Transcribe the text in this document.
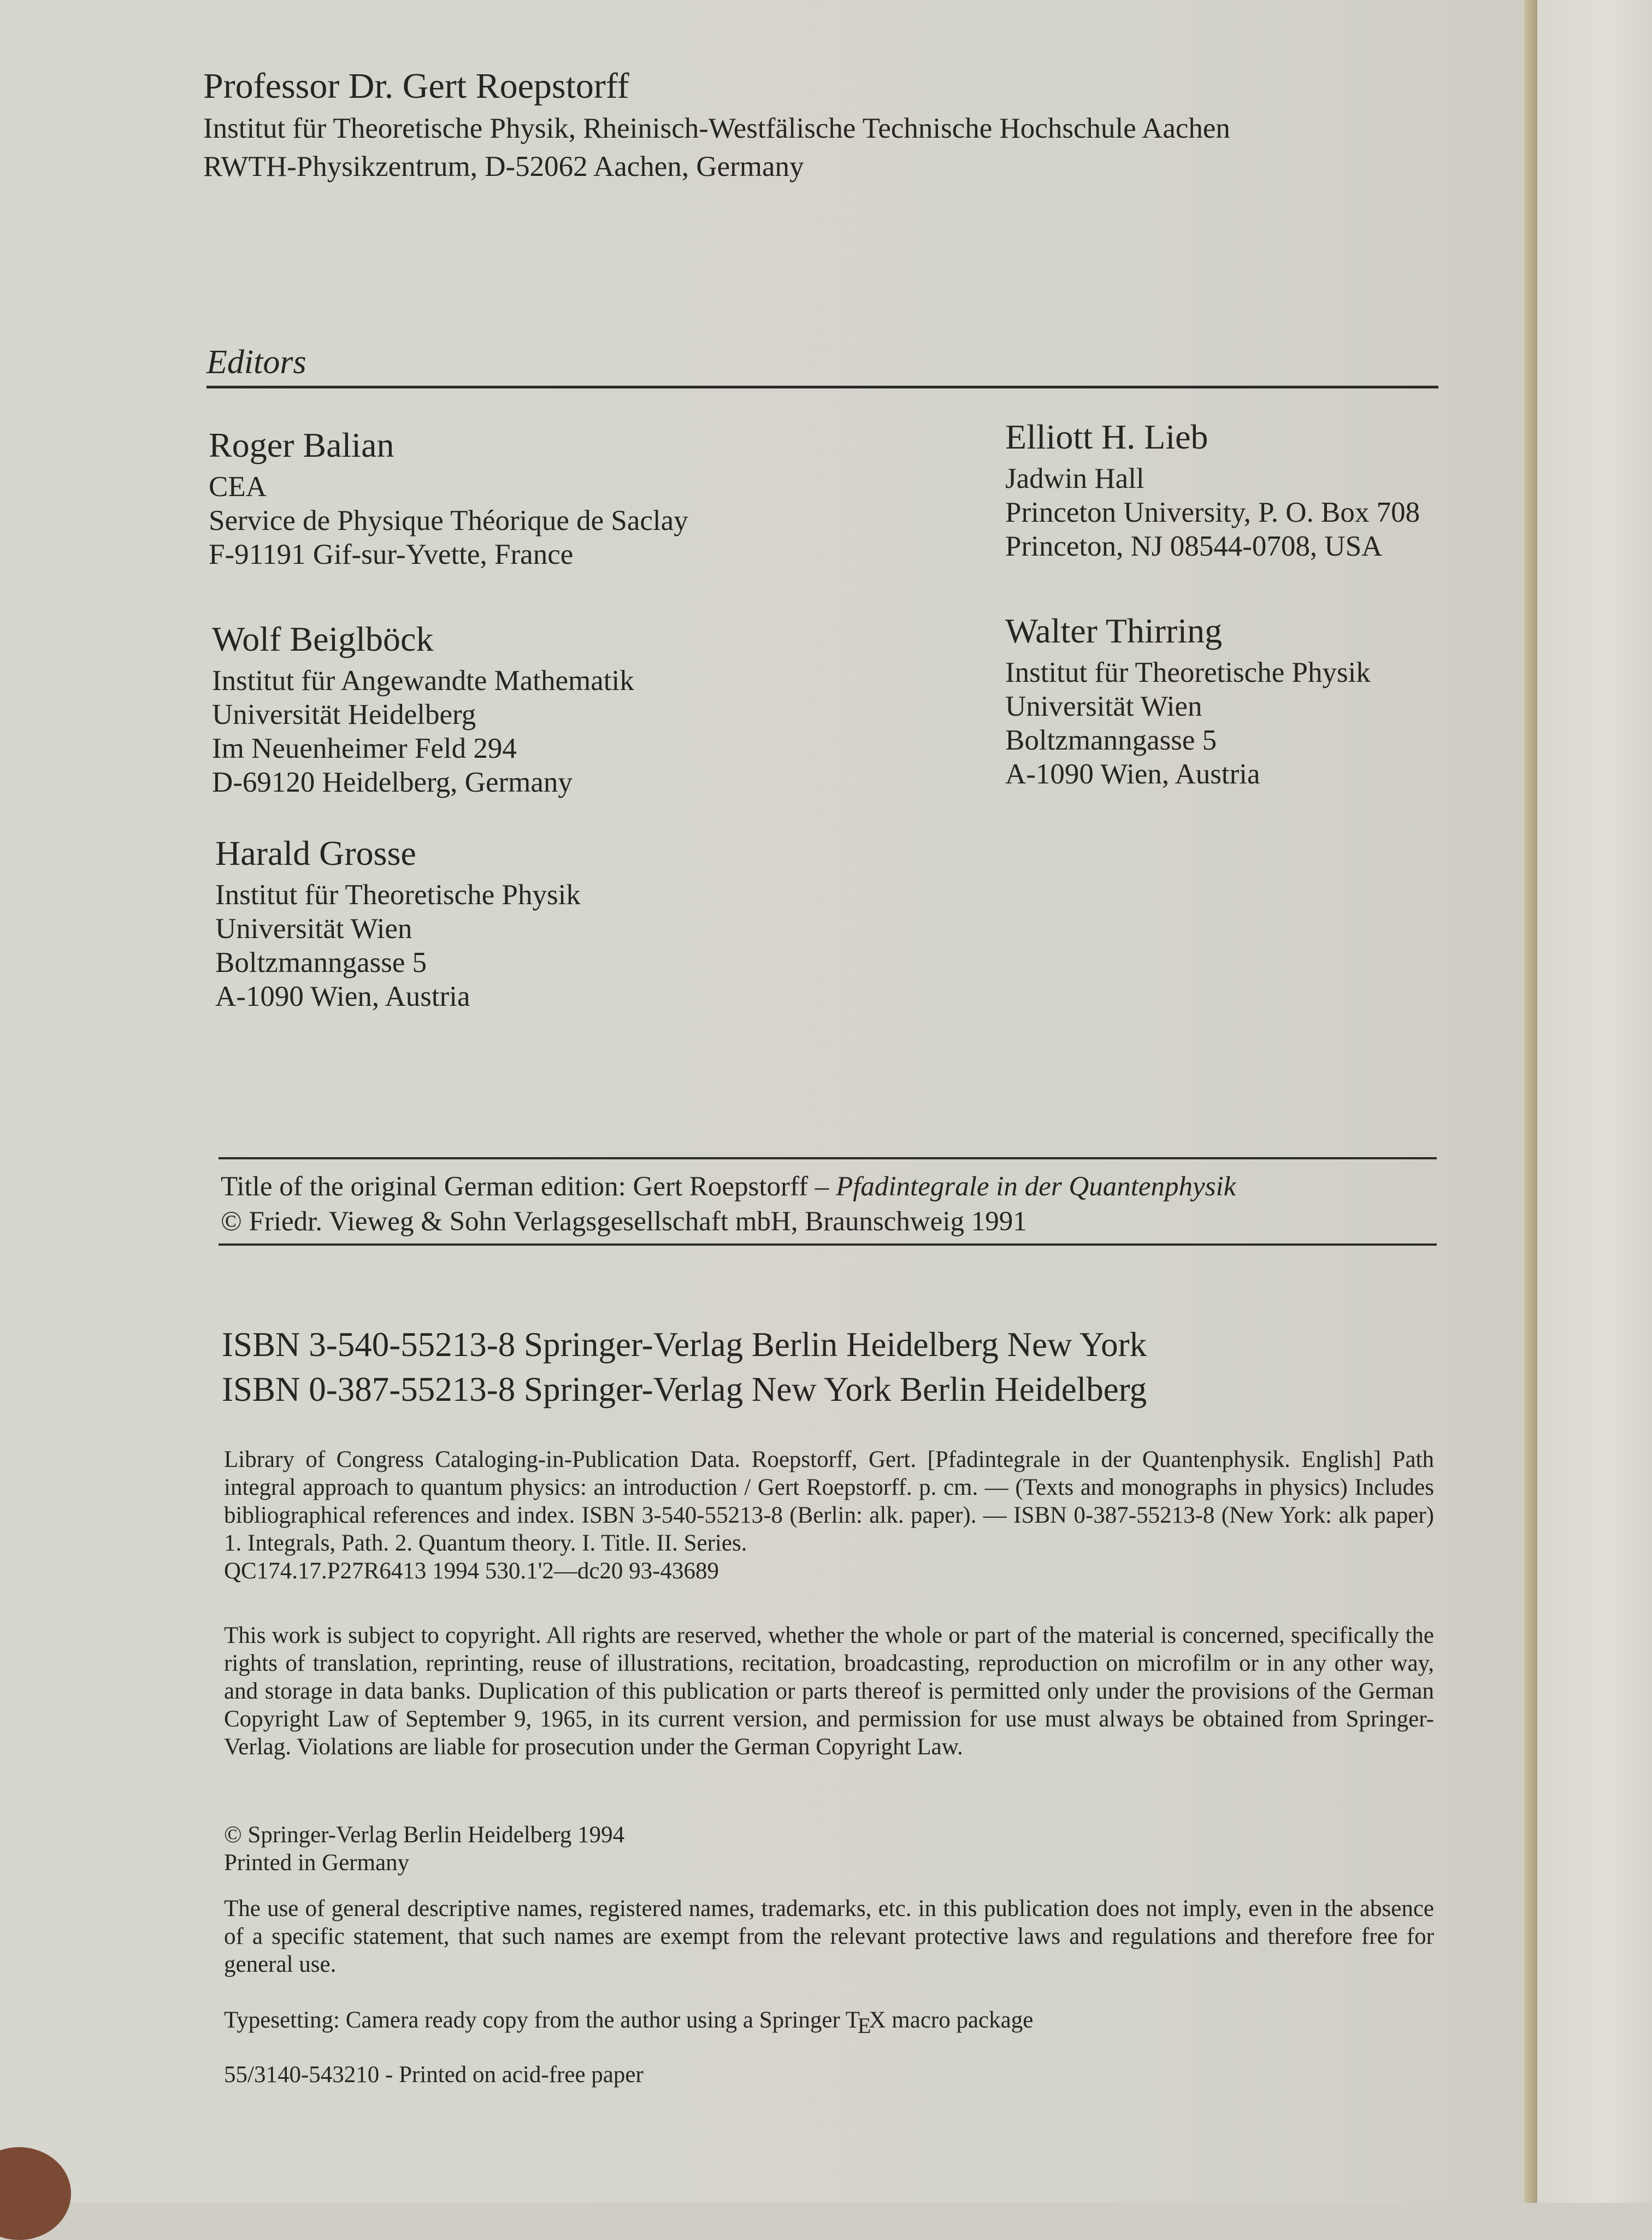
Professor Dr. Gert Roepstorff
Institut für Theoretische Physik, Rheinisch-Westfälische Technische Hochschule Aachen
RWTH-Physikzentrum, D-52062 Aachen, Germany
Editors
Roger Balian
CEA
Service de Physique Théorique de Saclay
F-91191 Gif-sur-Yvette, France
Wolf Beiglböck
Institut für Angewandte Mathematik
Universität Heidelberg
Im Neuenheimer Feld 294
D-69120 Heidelberg, Germany
Harald Grosse
Institut für Theoretische Physik
Universität Wien
Boltzmanngasse 5
A-1090 Wien, Austria
Elliott H. Lieb
Jadwin Hall
Princeton University, P. O. Box 708
Princeton, NJ 08544-0708, USA
Walter Thirring
Institut für Theoretische Physik
Universität Wien
Boltzmanngasse 5
A-1090 Wien, Austria
Title of the original German edition: Gert Roepstorff – Pfadintegrale in der Quantenphysik
© Friedr. Vieweg & Sohn Verlagsgesellschaft mbH, Braunschweig 1991
ISBN 3-540-55213-8 Springer-Verlag Berlin Heidelberg New York
ISBN 0-387-55213-8 Springer-Verlag New York Berlin Heidelberg
Library of Congress Cataloging-in-Publication Data. Roepstorff, Gert. [Pfadintegrale in der Quantenphysik. English] Path integral approach to quantum physics: an introduction / Gert Roepstorff. p. cm. — (Texts and monographs in physics) Includes bibliographical references and index. ISBN 3-540-55213-8 (Berlin: alk. paper). — ISBN 0-387-55213-8 (New York: alk paper) 1. Integrals, Path. 2. Quantum theory. I. Title. II. Series.
QC174.17.P27R6413 1994 530.1'2—dc20 93-43689
This work is subject to copyright. All rights are reserved, whether the whole or part of the material is concerned, specifically the rights of translation, reprinting, reuse of illustrations, recitation, broadcasting, reproduction on microfilm or in any other way, and storage in data banks. Duplication of this publication or parts thereof is permitted only under the provisions of the German Copyright Law of September 9, 1965, in its current version, and permission for use must always be obtained from Springer-Verlag. Violations are liable for prosecution under the German Copyright Law.
© Springer-Verlag Berlin Heidelberg 1994
Printed in Germany
The use of general descriptive names, registered names, trademarks, etc. in this publication does not imply, even in the absence of a specific statement, that such names are exempt from the relevant protective laws and regulations and therefore free for general use.
Typesetting: Camera ready copy from the author using a Springer TEX macro package
55/3140-543210 - Printed on acid-free paper
